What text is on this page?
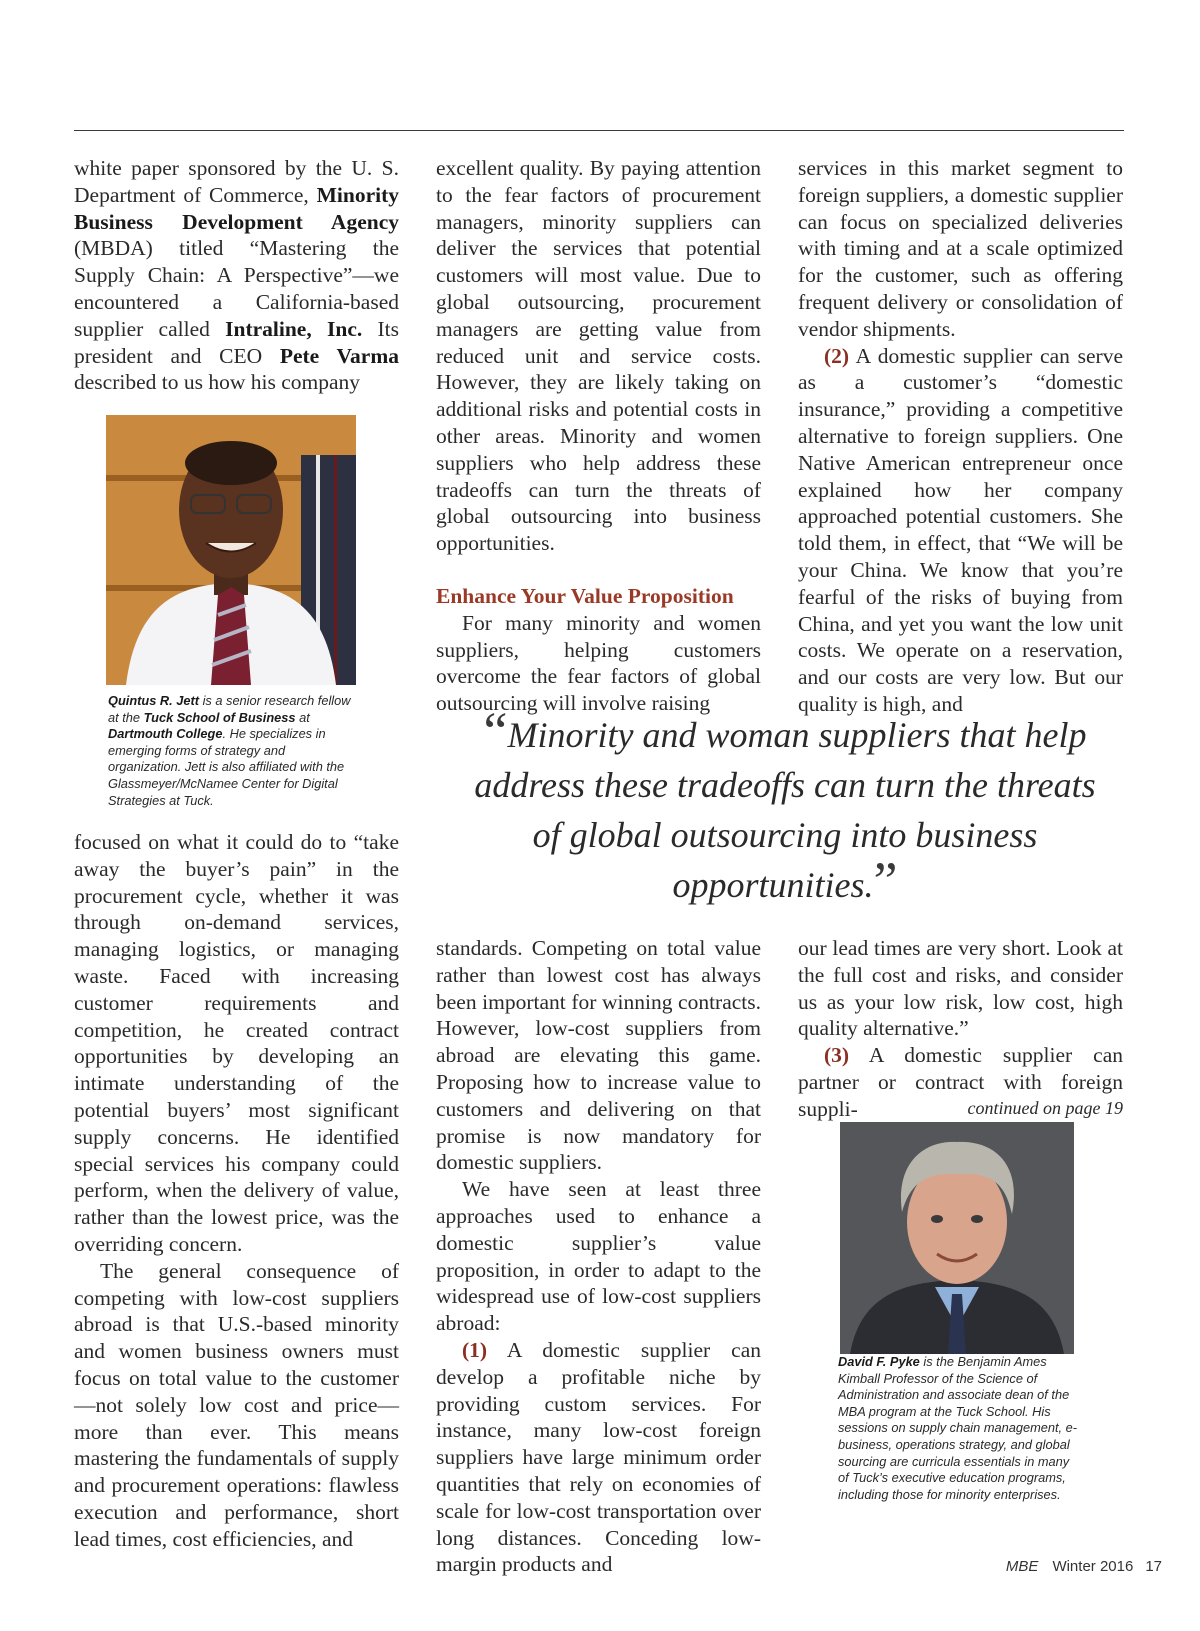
white paper sponsored by the U. S. Department of Commerce, Minority Business Development Agency (MBDA) titled “Mastering the Supply Chain: A Perspective”—we encountered a California-based supplier called Intraline, Inc. Its president and CEO Pete Varma described to us how his company

Quintus R. Jett is a senior research fellow at the Tuck School of Business at Dartmouth College. He specializes in emerging forms of strategy and organization. Jett is also affiliated with the Glassmeyer/McNamee Center for Digital Strategies at Tuck.

focused on what it could do to “take away the buyer’s pain” in the procurement cycle, whether it was through on-demand services, managing logistics, or managing waste. Faced with increasing customer requirements and competition, he created contract opportunities by developing an intimate understanding of the potential buyers’ most significant supply concerns. He identified special services his company could perform, when the delivery of value, rather than the lowest price, was the overriding concern.

The general consequence of competing with low-cost suppliers abroad is that U.S.-based minority and women business owners must focus on total value to the customer—not solely low cost and price—more than ever. This means mastering the fundamentals of supply and procurement operations: flawless execution and performance, short lead times, cost efficiencies, and

excellent quality. By paying attention to the fear factors of procurement managers, minority suppliers can deliver the services that potential customers will most value. Due to global outsourcing, procurement managers are getting value from reduced unit and service costs. However, they are likely taking on additional risks and potential costs in other areas. Minority and women suppliers who help address these tradeoffs can turn the threats of global outsourcing into business opportunities.

Enhance Your Value Proposition

For many minority and women suppliers, helping customers overcome the fear factors of global outsourcing will involve raising

services in this market segment to foreign suppliers, a domestic supplier can focus on specialized deliveries with timing and at a scale optimized for the customer, such as offering frequent delivery or consolidation of vendor shipments.

(2) A domestic supplier can serve as a customer’s “domestic insurance,” providing a competitive alternative to foreign suppliers. One Native American entrepreneur once explained how her company approached potential customers. She told them, in effect, that “We will be your China. We know that you’re fearful of the risks of buying from China, and yet you want the low unit costs. We operate on a reservation, and our costs are very low. But our quality is high, and

“Minority and woman suppliers that help address these tradeoffs can turn the threats of global outsourcing into business opportunities.”

standards. Competing on total value rather than lowest cost has always been important for winning contracts. However, low-cost suppliers from abroad are elevating this game. Proposing how to increase value to customers and delivering on that promise is now mandatory for domestic suppliers.

We have seen at least three approaches used to enhance a domestic supplier’s value proposition, in order to adapt to the widespread use of low-cost suppliers abroad:

(1) A domestic supplier can develop a profitable niche by providing custom services. For instance, many low-cost foreign suppliers have large minimum order quantities that rely on economies of scale for low-cost transportation over long distances. Conceding low-margin products and

our lead times are very short. Look at the full cost and risks, and consider us as your low risk, low cost, high quality alternative.”

(3) A domestic supplier can partner or contract with foreign suppli-	continued on page 19
David F. Pyke is the Benjamin Ames Kimball Professor of the Science of Administration and associate dean of the MBA program at the Tuck School. His sessions on supply chain management, e-business, operations strategy, and global sourcing are curricula essentials in many of Tuck’s executive education programs, including those for minority enterprises.
MBE Winter 2016 17
